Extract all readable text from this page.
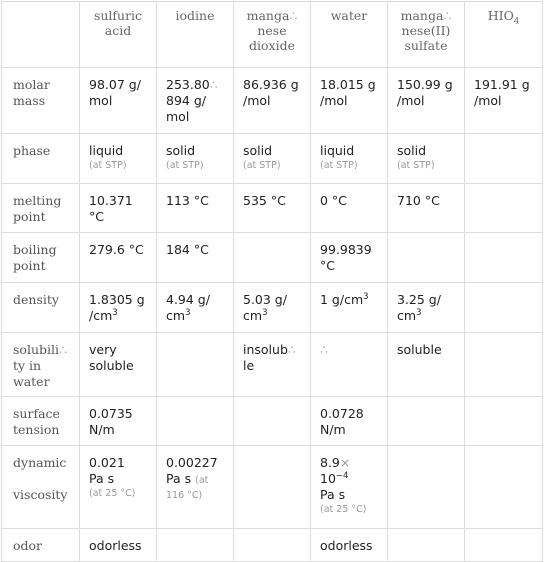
	sulfuric
acid	iodine	manga∴
nese
dioxide	water	manga∴
nese(II)
sulfate	$HIO_4$
molar
mass	98.07 g/
mol	253.80∴
894 g/
mol	86.936 g
/mol	18.015 g
/mol	150.99 g
/mol	191.91 g
/mol
phase	liquid
(at STP)	solid
(at STP)	solid
(at STP)	liquid
(at STP)	solid
(at STP)	

melting
point	10.371
°C	113 °C	535 °C	0 °C	710 °C	
boiling
point	279.6 °C	184 °C		99.9839
°C		
density	1.8305 g
$/cm^3$	4.94 g/
$cm^3$	5.03 g/
$cm^3$	1 $g/cm^3$	3.25 g/
$cm^3$	
solubili∴
ty in
water	very
soluble		insolub∴
le	∴	soluble	
surface
tension	0.0735
N/m			0.0728
N/m		
dynamic

viscosity	0.021
Pa s
(at 25 °C)	0.00227
Pa s (at
116 °C)		8.9×
$10^{-4}$
Pa s
(at 25 °C)		

odor	odorless			odorless		
